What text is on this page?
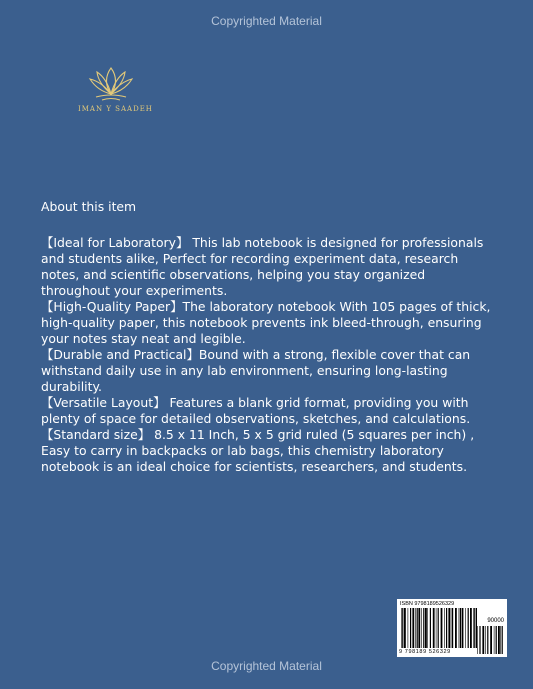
Copyrighted Material
IMAN Y SAADEH

About this item

【Ideal for Laboratory】 This lab notebook is designed for professionals and students alike, Perfect for recording experiment data, research notes, and scientific observations, helping you stay organized throughout your experiments.

【High-Quality Paper】The laboratory notebook With 105 pages of thick, high-quality paper, this notebook prevents ink bleed-through, ensuring your notes stay neat and legible.

【Durable and Practical】Bound with a strong, flexible cover that can withstand daily use in any lab environment, ensuring long-lasting durability.

【Versatile Layout】 Features a blank grid format, providing you with plenty of space for detailed observations, sketches, and calculations.

【Standard size】 8.5 x 11 Inch, 5 x 5 grid ruled (5 squares per inch) , Easy to carry in backpacks or lab bags, this chemistry laboratory notebook is an ideal choice for scientists, researchers, and students.

ISBN 9798189526329
90000
9 798189 526329
Copyrighted Material
